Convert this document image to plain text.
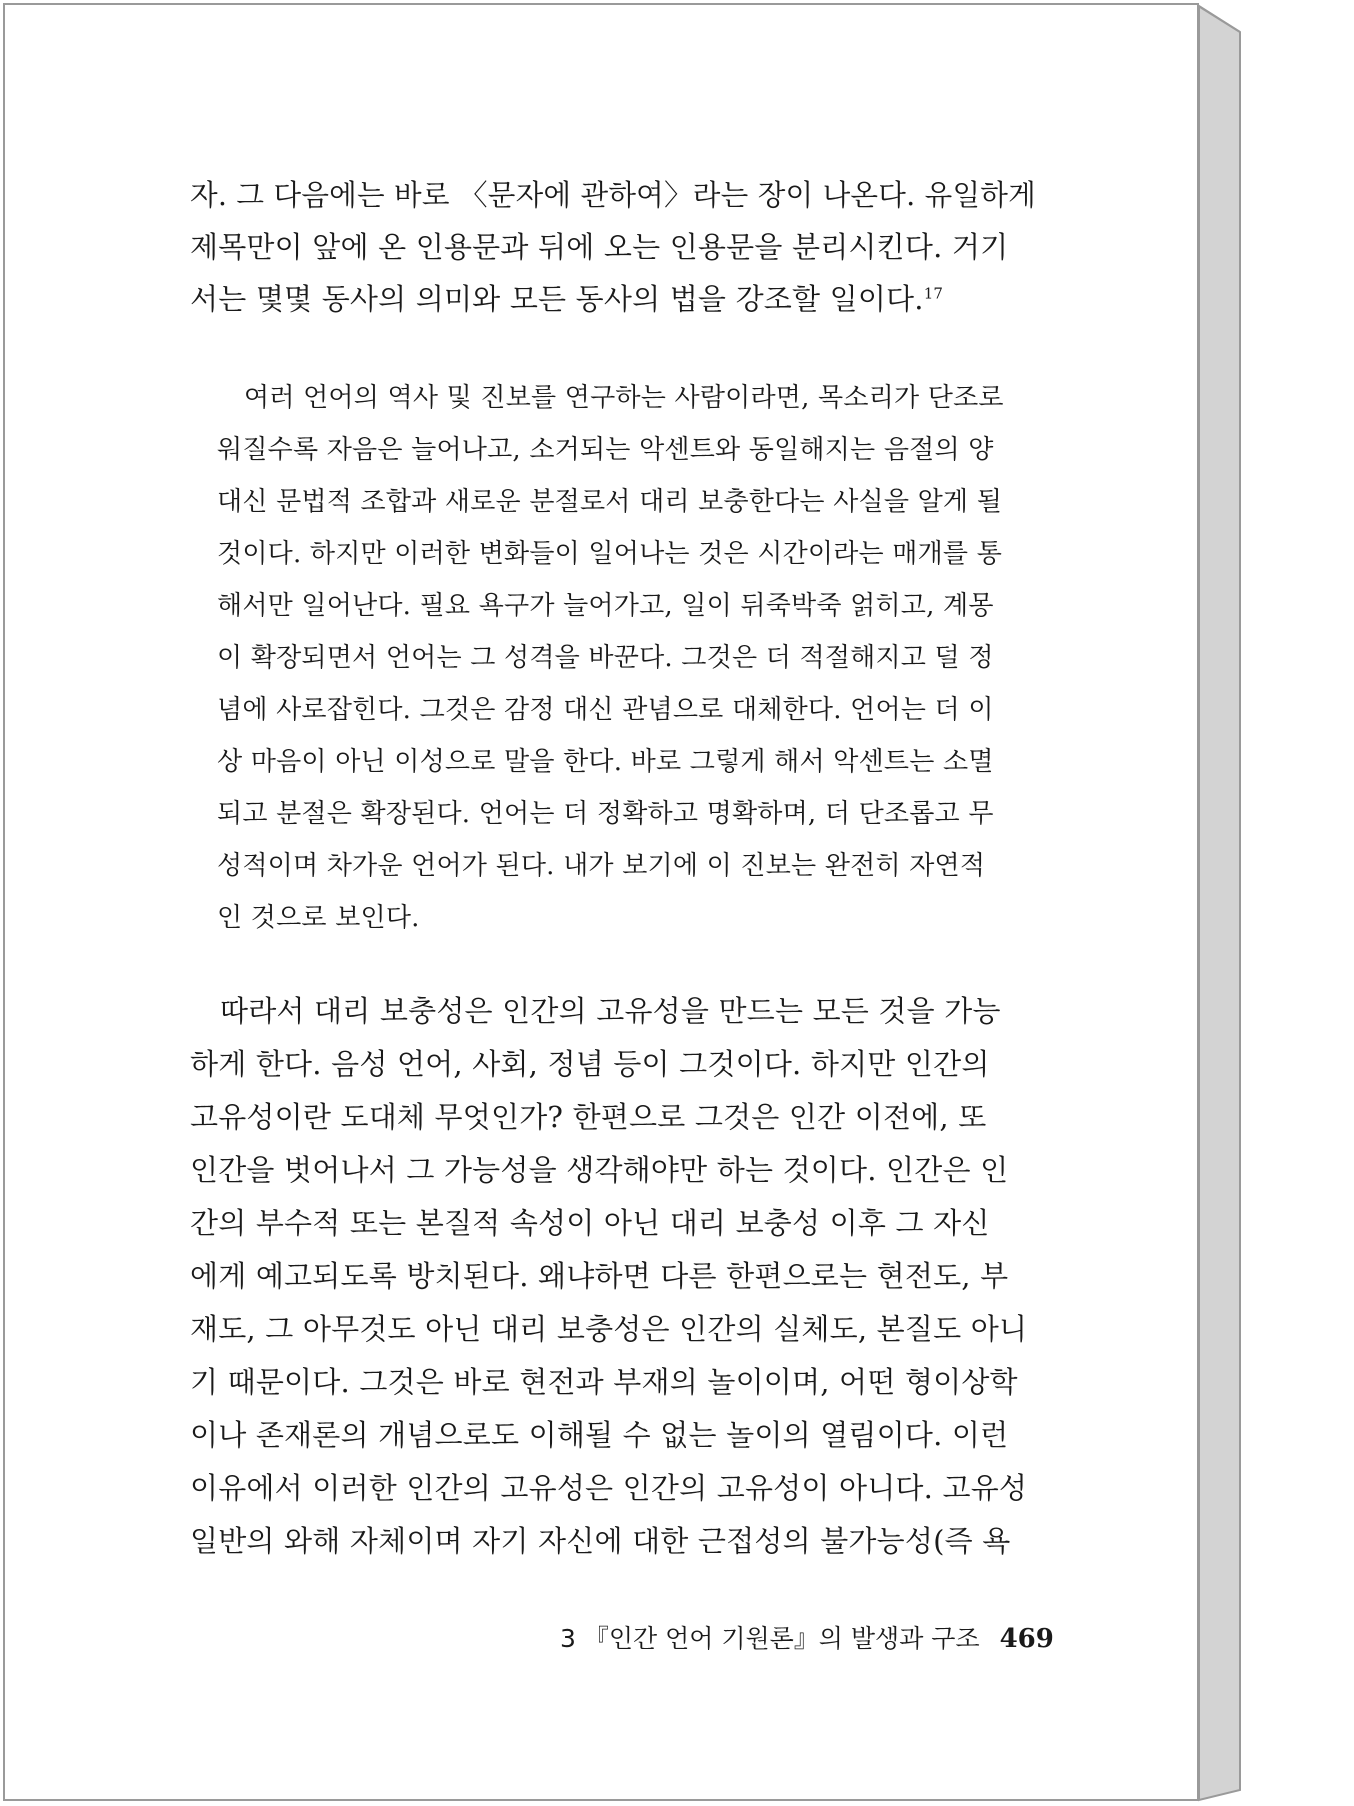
자. 그 다음에는 바로 〈문자에 관하여〉라는 장이 나온다. 유일하게
제목만이 앞에 온 인용문과 뒤에 오는 인용문을 분리시킨다. 거기
서는 몇몇 동사의 의미와 모든 동사의 법을 강조할 일이다.$^{17}$
여러 언어의 역사 및 진보를 연구하는 사람이라면, 목소리가 단조로
워질수록 자음은 늘어나고, 소거되는 악센트와 동일해지는 음절의 양
대신 문법적 조합과 새로운 분절로서 대리 보충한다는 사실을 알게 될
것이다. 하지만 이러한 변화들이 일어나는 것은 시간이라는 매개를 통
해서만 일어난다. 필요 욕구가 늘어가고, 일이 뒤죽박죽 얽히고, 계몽
이 확장되면서 언어는 그 성격을 바꾼다. 그것은 더 적절해지고 덜 정
념에 사로잡힌다. 그것은 감정 대신 관념으로 대체한다. 언어는 더 이
상 마음이 아닌 이성으로 말을 한다. 바로 그렇게 해서 악센트는 소멸
되고 분절은 확장된다. 언어는 더 정확하고 명확하며, 더 단조롭고 무
성적이며 차가운 언어가 된다. 내가 보기에 이 진보는 완전히 자연적
인 것으로 보인다.
따라서 대리 보충성은 인간의 고유성을 만드는 모든 것을 가능
하게 한다. 음성 언어, 사회, 정념 등이 그것이다. 하지만 인간의
고유성이란 도대체 무엇인가? 한편으로 그것은 인간 이전에, 또
인간을 벗어나서 그 가능성을 생각해야만 하는 것이다. 인간은 인
간의 부수적 또는 본질적 속성이 아닌 대리 보충성 이후 그 자신
에게 예고되도록 방치된다. 왜냐하면 다른 한편으로는 현전도, 부
재도, 그 아무것도 아닌 대리 보충성은 인간의 실체도, 본질도 아니
기 때문이다. 그것은 바로 현전과 부재의 놀이이며, 어떤 형이상학
이나 존재론의 개념으로도 이해될 수 없는 놀이의 열림이다. 이런
이유에서 이러한 인간의 고유성은 인간의 고유성이 아니다. 고유성
일반의 와해 자체이며 자기 자신에 대한 근접성의 불가능성(즉 욕
3 『인간 언어 기원론』의 발생과 구조 469
